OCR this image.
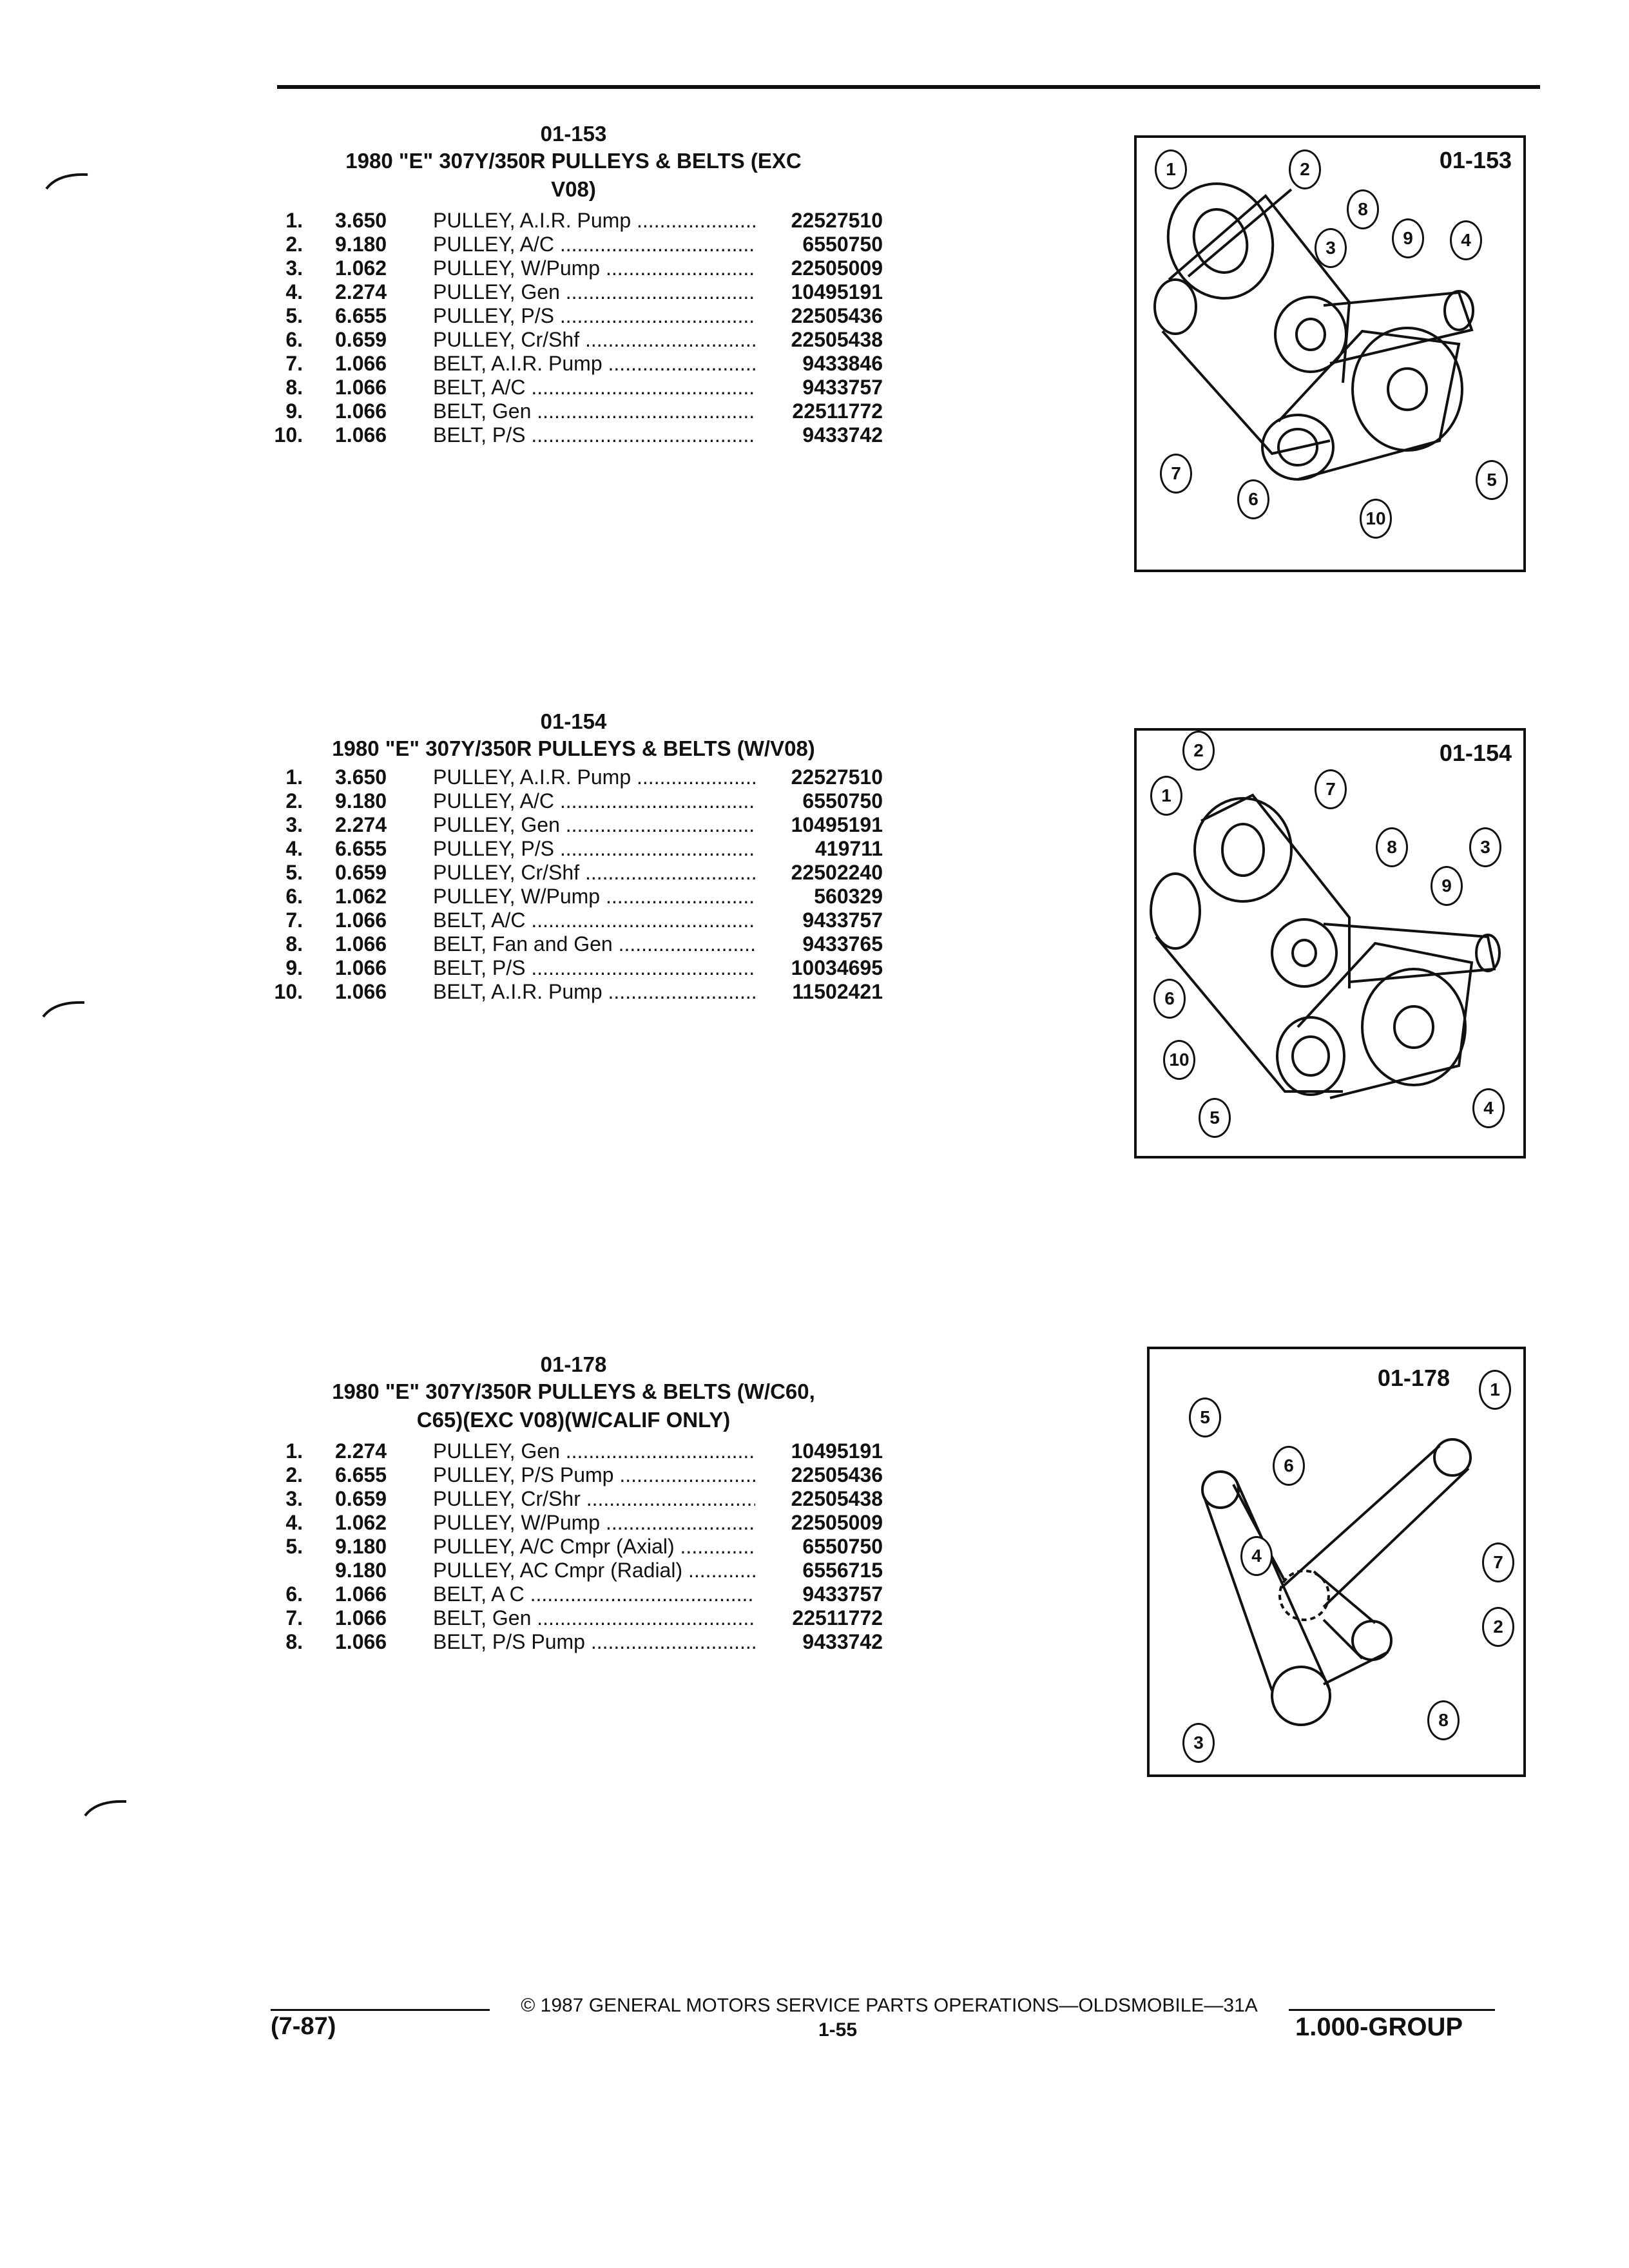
01-153
1980 "E" 307Y/350R PULLEYS & BELTS (EXC
V08)
1. 3.650	PULLEY, A.I.R. Pump .....	22527510
2. 9.180	PULLEY, A/C .....	6550750
3. 1.062	PULLEY, W/Pump .....	22505009
4. 2.274	PULLEY, Gen .....	10495191
5. 6.655	PULLEY, P/S .....	22505436
6. 0.659	PULLEY, Cr/Shf .....	22505438
7. 1.066	BELT, A.I.R. Pump .....	9433846
8. 1.066	BELT, A/C .....	9433757
9. 1.066	BELT, Gen .....	22511772
10. 1.066	BELT, P/S .....	9433742
01-154
1980 "E" 307Y/350R PULLEYS & BELTS (W/V08)
1. 3.650	PULLEY, A.I.R. Pump .....	22527510
2. 9.180	PULLEY, A/C .....	6550750
3. 2.274	PULLEY, Gen .....	10495191
4. 6.655	PULLEY, P/S .....	419711
5. 0.659	PULLEY, Cr/Shf .....	22502240
6. 1.062	PULLEY, W/Pump .....	560329
7. 1.066	BELT, A/C .....	9433757
8. 1.066	BELT, Fan and Gen .....	9433765
9. 1.066	BELT, P/S .....	10034695
10. 1.066	BELT, A.I.R. Pump .....	11502421
01-178
1980 "E" 307Y/350R PULLEYS & BELTS (W/C60,
C65)(EXC V08)(W/CALIF ONLY)
1. 2.274	PULLEY, Gen .....	10495191
2. 6.655	PULLEY, P/S Pump .....	22505436
3. 0.659	PULLEY, Cr/Shr .....	22505438
4. 1.062	PULLEY, W/Pump .....	22505009
5. 9.180	PULLEY, A/C Cmpr (Axial) .....	6550750
9.180	PULLEY, AC Cmpr (Radial) .....	6556715
6. 1.066	BELT, A C .....	9433757
7. 1.066	BELT, Gen .....	22511772
8. 1.066	BELT, P/S Pump .....	9433742
01-153
1	2
8
3	9	4
7	5
6
10
01-154
2
7
1
8
9
3
6
10
5	4
01-178	1
5
6
4	7
2
8
3
© 1987 GENERAL MOTORS SERVICE PARTS OPERATIONS—OLDSMOBILE—31A
1-55
(7-87)	1.000-GROUP
